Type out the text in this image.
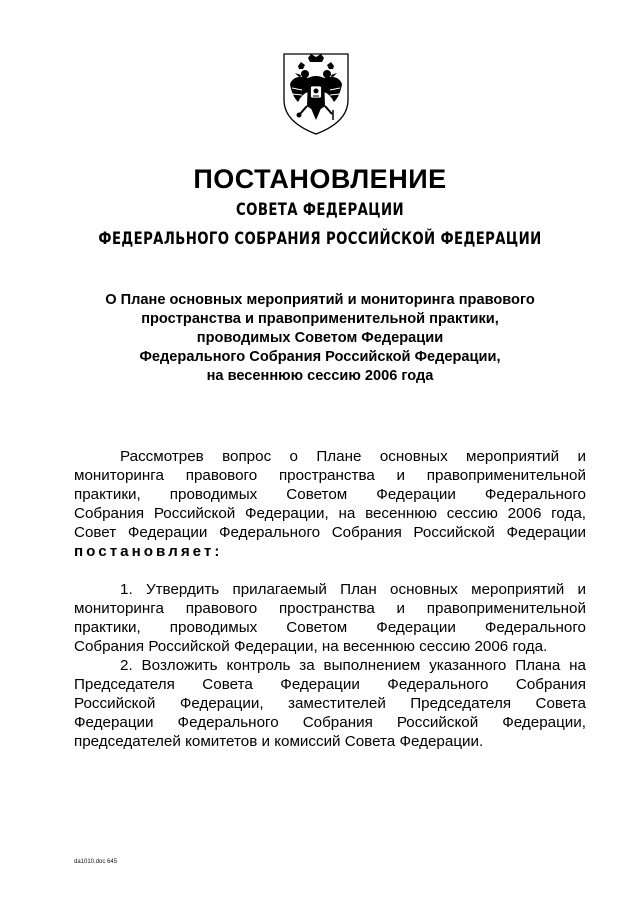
ПОСТАНОВЛЕНИЕ
СОВЕТА ФЕДЕРАЦИИ
ФЕДЕРАЛЬНОГО СОБРАНИЯ РОССИЙСКОЙ ФЕДЕРАЦИИ
О Плане основных мероприятий и мониторинга правового
пространства и правоприменительной практики,
проводимых Советом Федерации
Федерального Собрания Российской Федерации,
на весеннюю сессию 2006 года
Рассмотрев вопрос о Плане основных мероприятий и
мониторинга правового пространства и правоприменительной
практики, проводимых Советом Федерации Федерального
Собрания Российской Федерации, на весеннюю сессию 2006 года,
Совет Федерации Федерального Собрания Российской Федерации
постановляет:
1. Утвердить прилагаемый План основных мероприятий и
мониторинга правового пространства и правоприменительной
практики, проводимых Советом Федерации Федерального
Собрания Российской Федерации, на весеннюю сессию 2006 года.
2. Возложить контроль за выполнением указанного Плана на
Председателя Совета Федерации Федерального Собрания
Российской Федерации, заместителей Председателя Совета
Федерации Федерального Собрания Российской Федерации,
председателей комитетов и комиссий Совета Федерации.
da1010.doc 645
